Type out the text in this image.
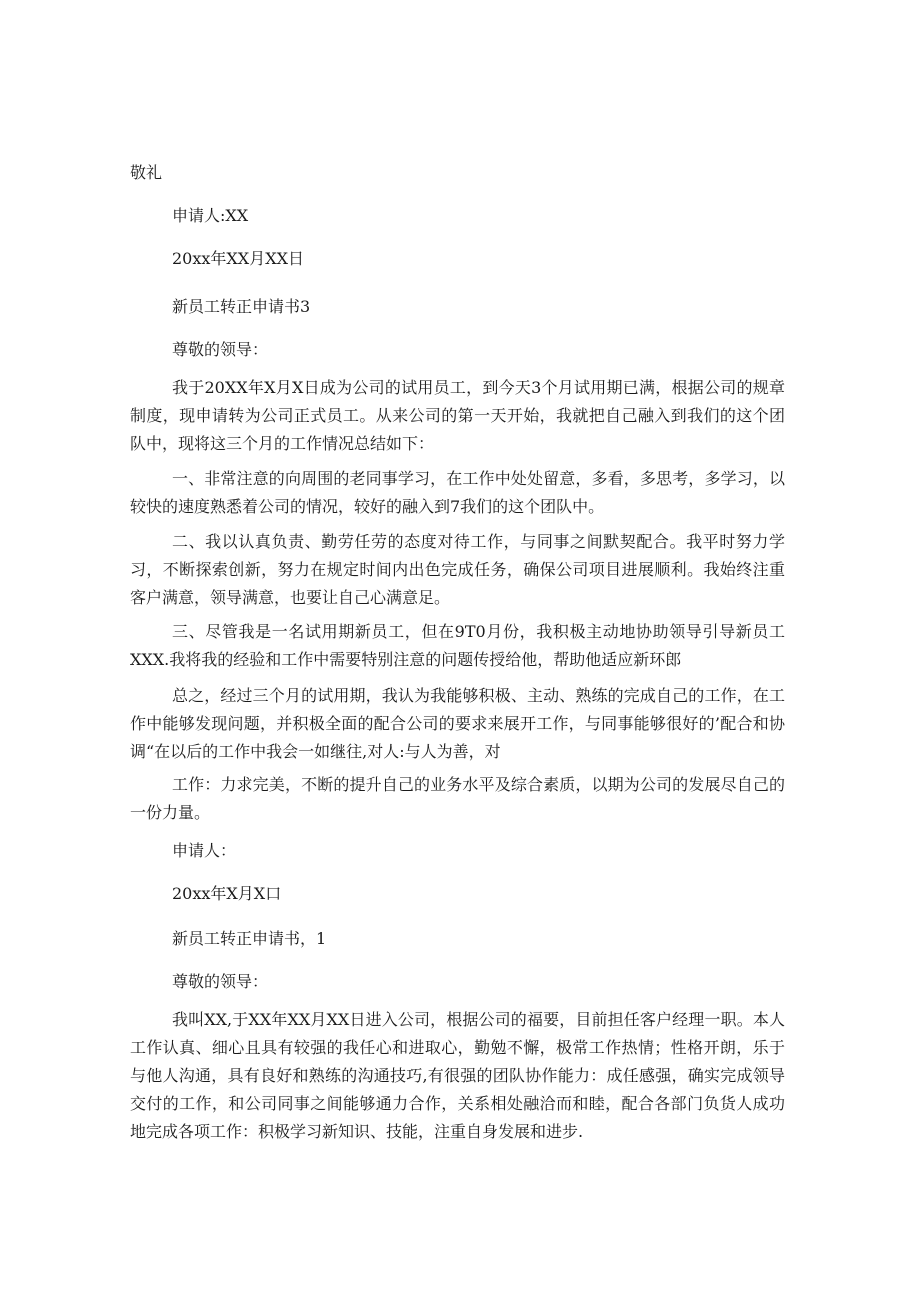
敬礼
申请人:XX
20xx年XX月XX日
新员工转正申请书3
尊敬的领导：
我于20XX年X月X日成为公司的试用员工，到今天3个月试用期已满，根据公司的规章制度，现申请转为公司正式员工。从来公司的第一天开始，我就把自己融入到我们的这个团队中，现将这三个月的工作情况总结如下：
一、非常注意的向周围的老同事学习，在工作中处处留意，多看，多思考，多学习，以较快的速度熟悉着公司的情况，较好的融入到7我们的这个团队中。
二、我以认真负责、勤劳任劳的态度对待工作，与同事之间默契配合。我平时努力学习，不断探索创新，努力在规定时间内出色完成任务，确保公司项目进展顺利。我始终注重客户满意，领导满意，也要让自己心满意足。
三、尽管我是一名试用期新员工，但在9T0月份，我积极主动地协助领导引导新员工XXX.我将我的经验和工作中需要特别注意的问题传授给他，帮助他适应新环郎
总之，经过三个月的试用期，我认为我能够积极、主动、熟练的完成自己的工作，在工作中能够发现问题，并积极全面的配合公司的要求来展开工作，与同事能够很好的’配合和协调“在以后的工作中我会一如继往,对人:与人为善，对
工作：力求完美，不断的提升自己的业务水平及综合素质，以期为公司的发展尽自己的一份力量。
申请人：
20xx年X月X口
新员工转正申请书，1
尊敬的领导：
我叫XX,于XX年XX月XX日进入公司，根据公司的福要，目前担任客户经理一职。本人工作认真、细心且具有较强的我任心和进取心，勤勉不懈，极常工作热情；性格开朗，乐于与他人沟通，具有良好和熟练的沟通技巧,有很强的团队协作能力：成任感强，确实完成领导交付的工作，和公司同事之间能够通力合作，关系相处融洽而和睦，配合各部门负货人成功地完成各项工作：积极学习新知识、技能，注重自身发展和进步.
